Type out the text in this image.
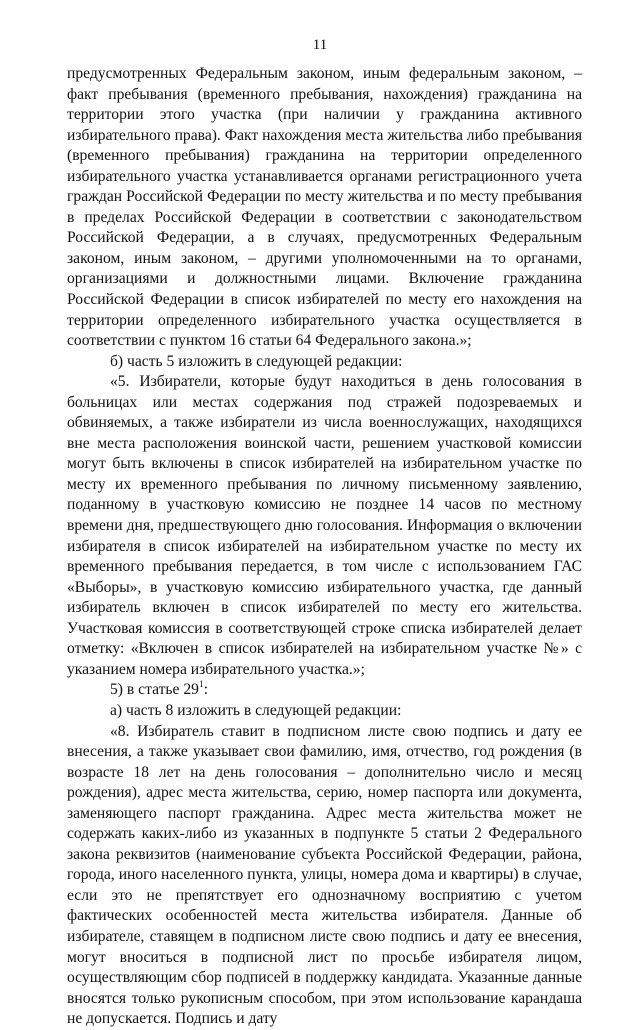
11

предусмотренных Федеральным законом, иным федеральным законом, – факт пребывания (временного пребывания, нахождения) гражданина на территории этого участка (при наличии у гражданина активного избирательного права). Факт нахождения места жительства либо пребывания (временного пребывания) гражданина на территории определенного избирательного участка устанавливается органами регистрационного учета граждан Российской Федерации по месту жительства и по месту пребывания в пределах Российской Федерации в соответствии с законодательством Российской Федерации, а в случаях, предусмотренных Федеральным законом, иным законом, – другими уполномоченными на то органами, организациями и должностными лицами. Включение гражданина Российской Федерации в список избирателей по месту его нахождения на территории определенного избирательного участка осуществляется в соответствии с пунктом 16 статьи 64 Федерального закона.»;

б) часть 5 изложить в следующей редакции:

«5. Избиратели, которые будут находиться в день голосования в больницах или местах содержания под стражей подозреваемых и обвиняемых, а также избиратели из числа военнослужащих, находящихся вне места расположения воинской части, решением участковой комиссии могут быть включены в список избирателей на избирательном участке по месту их временного пребывания по личному письменному заявлению, поданному в участковую комиссию не позднее 14 часов по местному времени дня, предшествующего дню голосования. Информация о включении избирателя в список избирателей на избирательном участке по месту их временного пребывания передается, в том числе с использованием ГАС «Выборы», в участковую комиссию избирательного участка, где данный избиратель включен в список избирателей по месту его жительства. Участковая комиссия в соответствующей строке списка избирателей делает отметку: «Включен в список избирателей на избирательном участке №» с указанием номера избирательного участка.»;

5) в статье $29^1$:

а) часть 8 изложить в следующей редакции:

«8. Избиратель ставит в подписном листе свою подпись и дату ее внесения, а также указывает свои фамилию, имя, отчество, год рождения (в возрасте 18 лет на день голосования – дополнительно число и месяц рождения), адрес места жительства, серию, номер паспорта или документа, заменяющего паспорт гражданина. Адрес места жительства может не содержать каких-либо из указанных в подпункте 5 статьи 2 Федерального закона реквизитов (наименование субъекта Российской Федерации, района, города, иного населенного пункта, улицы, номера дома и квартиры) в случае, если это не препятствует его однозначному восприятию с учетом фактических особенностей места жительства избирателя. Данные об избирателе, ставящем в подписном листе свою подпись и дату ее внесения, могут вноситься в подписной лист по просьбе избирателя лицом, осуществляющим сбор подписей в поддержку кандидата. Указанные данные вносятся только рукописным способом, при этом использование карандаша не допускается. Подпись и дату
